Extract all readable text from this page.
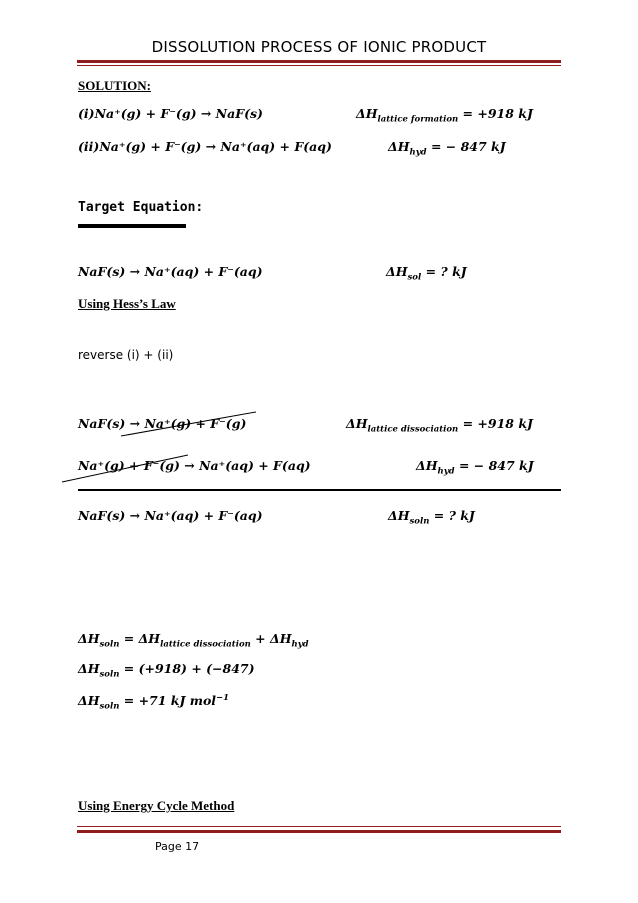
DISSOLUTION PROCESS OF IONIC PRODUCT
SOLUTION:
(i)Na⁺(g) + F⁻(g) → NaF(s)	$\Delta H_{lattice formation} = +918$ kJ
(ii)Na⁺(g) + F⁻(g) → Na⁺(aq) + F(aq)	$\Delta H_{hyd}$ = − 847 kJ
Target Equation:
NaF(s) → Na⁺(aq) + F⁻(aq)	$\Delta H_{sol}$ = ? kJ
Using Hess’s Law
reverse (i) + (ii)
NaF(s) → Na⁺(g) + F⁻(g)	$\Delta H_{lattice dissociation} = +918$ kJ
Na⁺(g) + F⁻(g) → Na⁺(aq) + F(aq)	$\Delta H_{hyd}$ = − 847 kJ
NaF(s) → Na⁺(aq) + F⁻(aq)	$\Delta H_{soln}$ = ? kJ
$\Delta H_{soln} = \Delta H_{lattice dissociation} + \Delta H_{hyd}$
$\Delta H_{soln} = (+918) + (-847)$
$\Delta H_{soln} = +71$ kJ mol$^{-1}$
Using Energy Cycle Method
Page 17
